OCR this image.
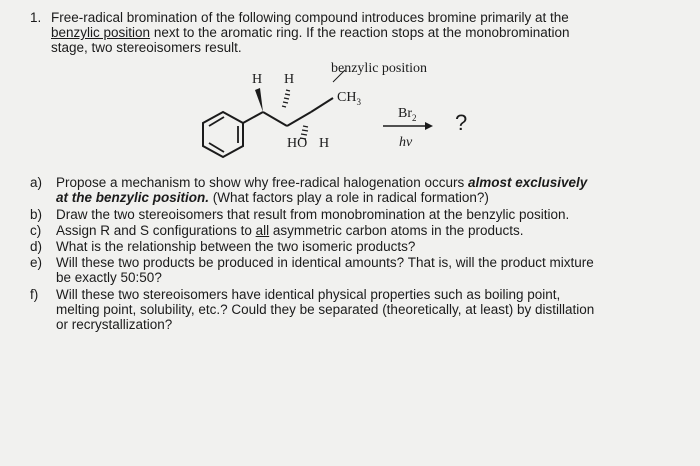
1. Free-radical bromination of the following compound introduces bromine primarily at the
benzylic position next to the aromatic ring. If the reaction stops at the monobromination
stage, two stereoisomers result.
benzylic position
H H
$CH_3$
HO H
$Br_2$
hν
?
a)	Propose a mechanism to show why free-radical halogenation occurs almost exclusively
at the benzylic position. (What factors play a role in radical formation?)
b)	Draw the two stereoisomers that result from monobromination at the benzylic position.
c)	Assign R and S configurations to all asymmetric carbon atoms in the products.
d)	What is the relationship between the two isomeric products?
e)	Will these two products be produced in identical amounts? That is, will the product mixture
be exactly 50:50?
f)	Will these two stereoisomers have identical physical properties such as boiling point,
melting point, solubility, etc.? Could they be separated (theoretically, at least) by distillation
or recrystallization?
